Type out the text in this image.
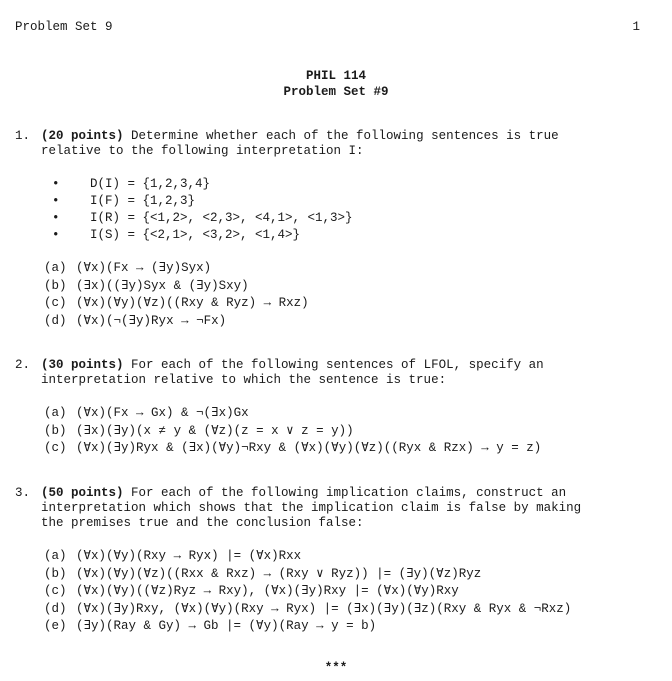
Problem Set 9	1
PHIL 114
Problem Set #9
1. (20 points) Determine whether each of the following sentences is true
relative to the following interpretation I:
• D(I) = {1,2,3,4}
• I(F) = {1,2,3}
• I(R) = {<1,2>, <2,3>, <4,1>, <1,3>}
• I(S) = {<2,1>, <3,2>, <1,4>}
(a) (∀x)(Fx → (∃y)Syx)
(b) (∃x)((∃y)Syx & (∃y)Sxy)
(c) (∀x)(∀y)(∀z)((Rxy & Ryz) → Rxz)
(d) (∀x)(¬(∃y)Ryx → ¬Fx)
2. (30 points) For each of the following sentences of LFOL, specify an
interpretation relative to which the sentence is true:
(a) (∀x)(Fx → Gx) & ¬(∃x)Gx
(b) (∃x)(∃y)(x ≠ y & (∀z)(z = x ∨ z = y))
(c) (∀x)(∃y)Ryx & (∃x)(∀y)¬Rxy & (∀x)(∀y)(∀z)((Ryx & Rzx) → y = z)
3. (50 points) For each of the following implication claims, construct an
interpretation which shows that the implication claim is false by making
the premises true and the conclusion false:
(a) (∀x)(∀y)(Rxy → Ryx) |= (∀x)Rxx
(b) (∀x)(∀y)(∀z)((Rxx & Rxz) → (Rxy ∨ Ryz)) |= (∃y)(∀z)Ryz
(c) (∀x)(∀y)((∀z)Ryz → Rxy), (∀x)(∃y)Rxy |= (∀x)(∀y)Rxy
(d) (∀x)(∃y)Rxy, (∀x)(∀y)(Rxy → Ryx) |= (∃x)(∃y)(∃z)(Rxy & Ryx & ¬Rxz)
(e) (∃y)(Ray & Gy) → Gb |= (∀y)(Ray → y = b)
***
